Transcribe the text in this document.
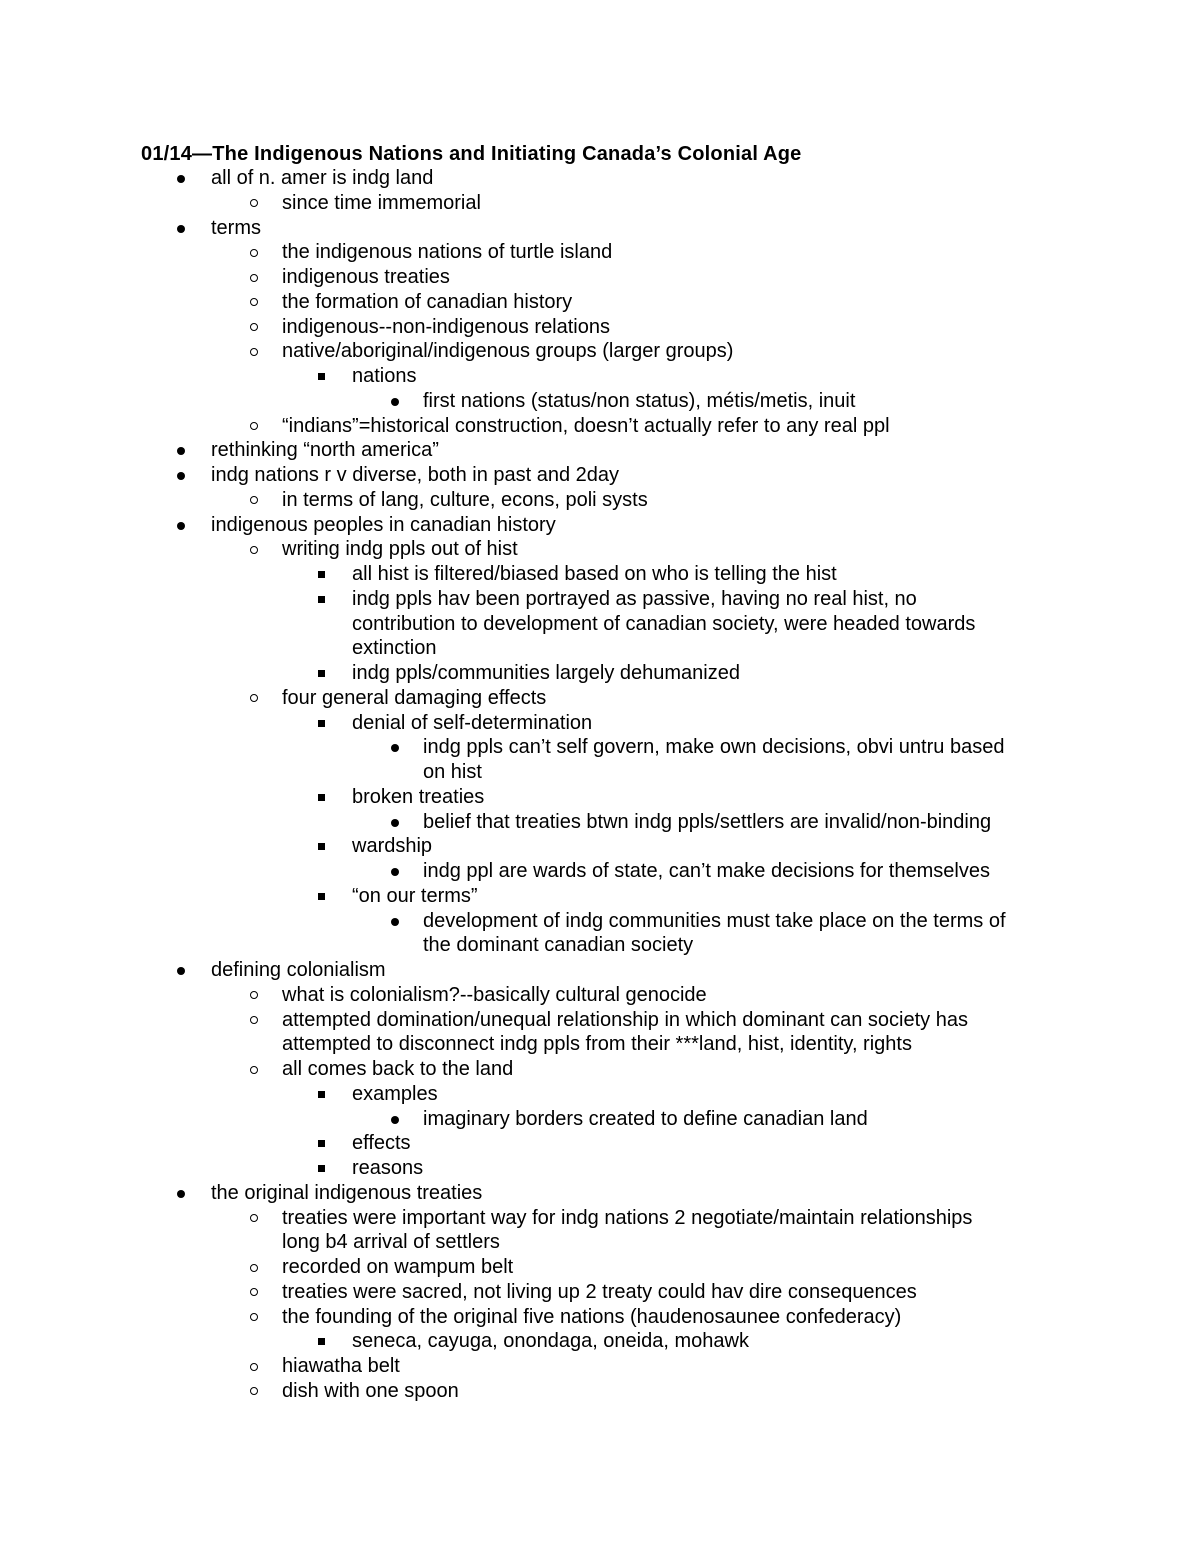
01/14—The Indigenous Nations and Initiating Canada’s Colonial Age
all of n. amer is indg land
since time immemorial
terms
the indigenous nations of turtle island
indigenous treaties
the formation of canadian history
indigenous--non-indigenous relations
native/aboriginal/indigenous groups (larger groups)
nations
first nations (status/non status), métis/metis, inuit
“indians”=historical construction, doesn’t actually refer to any real ppl
rethinking “north america”
indg nations r v diverse, both in past and 2day
in terms of lang, culture, econs, poli systs
indigenous peoples in canadian history
writing indg ppls out of hist
all hist is filtered/biased based on who is telling the hist
indg ppls hav been portrayed as passive, having no real hist, no
contribution to development of canadian society, were headed towards
extinction
indg ppls/communities largely dehumanized
four general damaging effects
denial of self-determination
indg ppls can’t self govern, make own decisions, obvi untru based
on hist
broken treaties
belief that treaties btwn indg ppls/settlers are invalid/non-binding
wardship
indg ppl are wards of state, can’t make decisions for themselves
“on our terms”
development of indg communities must take place on the terms of
the dominant canadian society
defining colonialism
what is colonialism?--basically cultural genocide
attempted domination/unequal relationship in which dominant can society has
attempted to disconnect indg ppls from their ***land, hist, identity, rights
all comes back to the land
examples
imaginary borders created to define canadian land
effects
reasons
the original indigenous treaties
treaties were important way for indg nations 2 negotiate/maintain relationships
long b4 arrival of settlers
recorded on wampum belt
treaties were sacred, not living up 2 treaty could hav dire consequences
the founding of the original five nations (haudenosaunee confederacy)
seneca, cayuga, onondaga, oneida, mohawk
hiawatha belt
dish with one spoon
